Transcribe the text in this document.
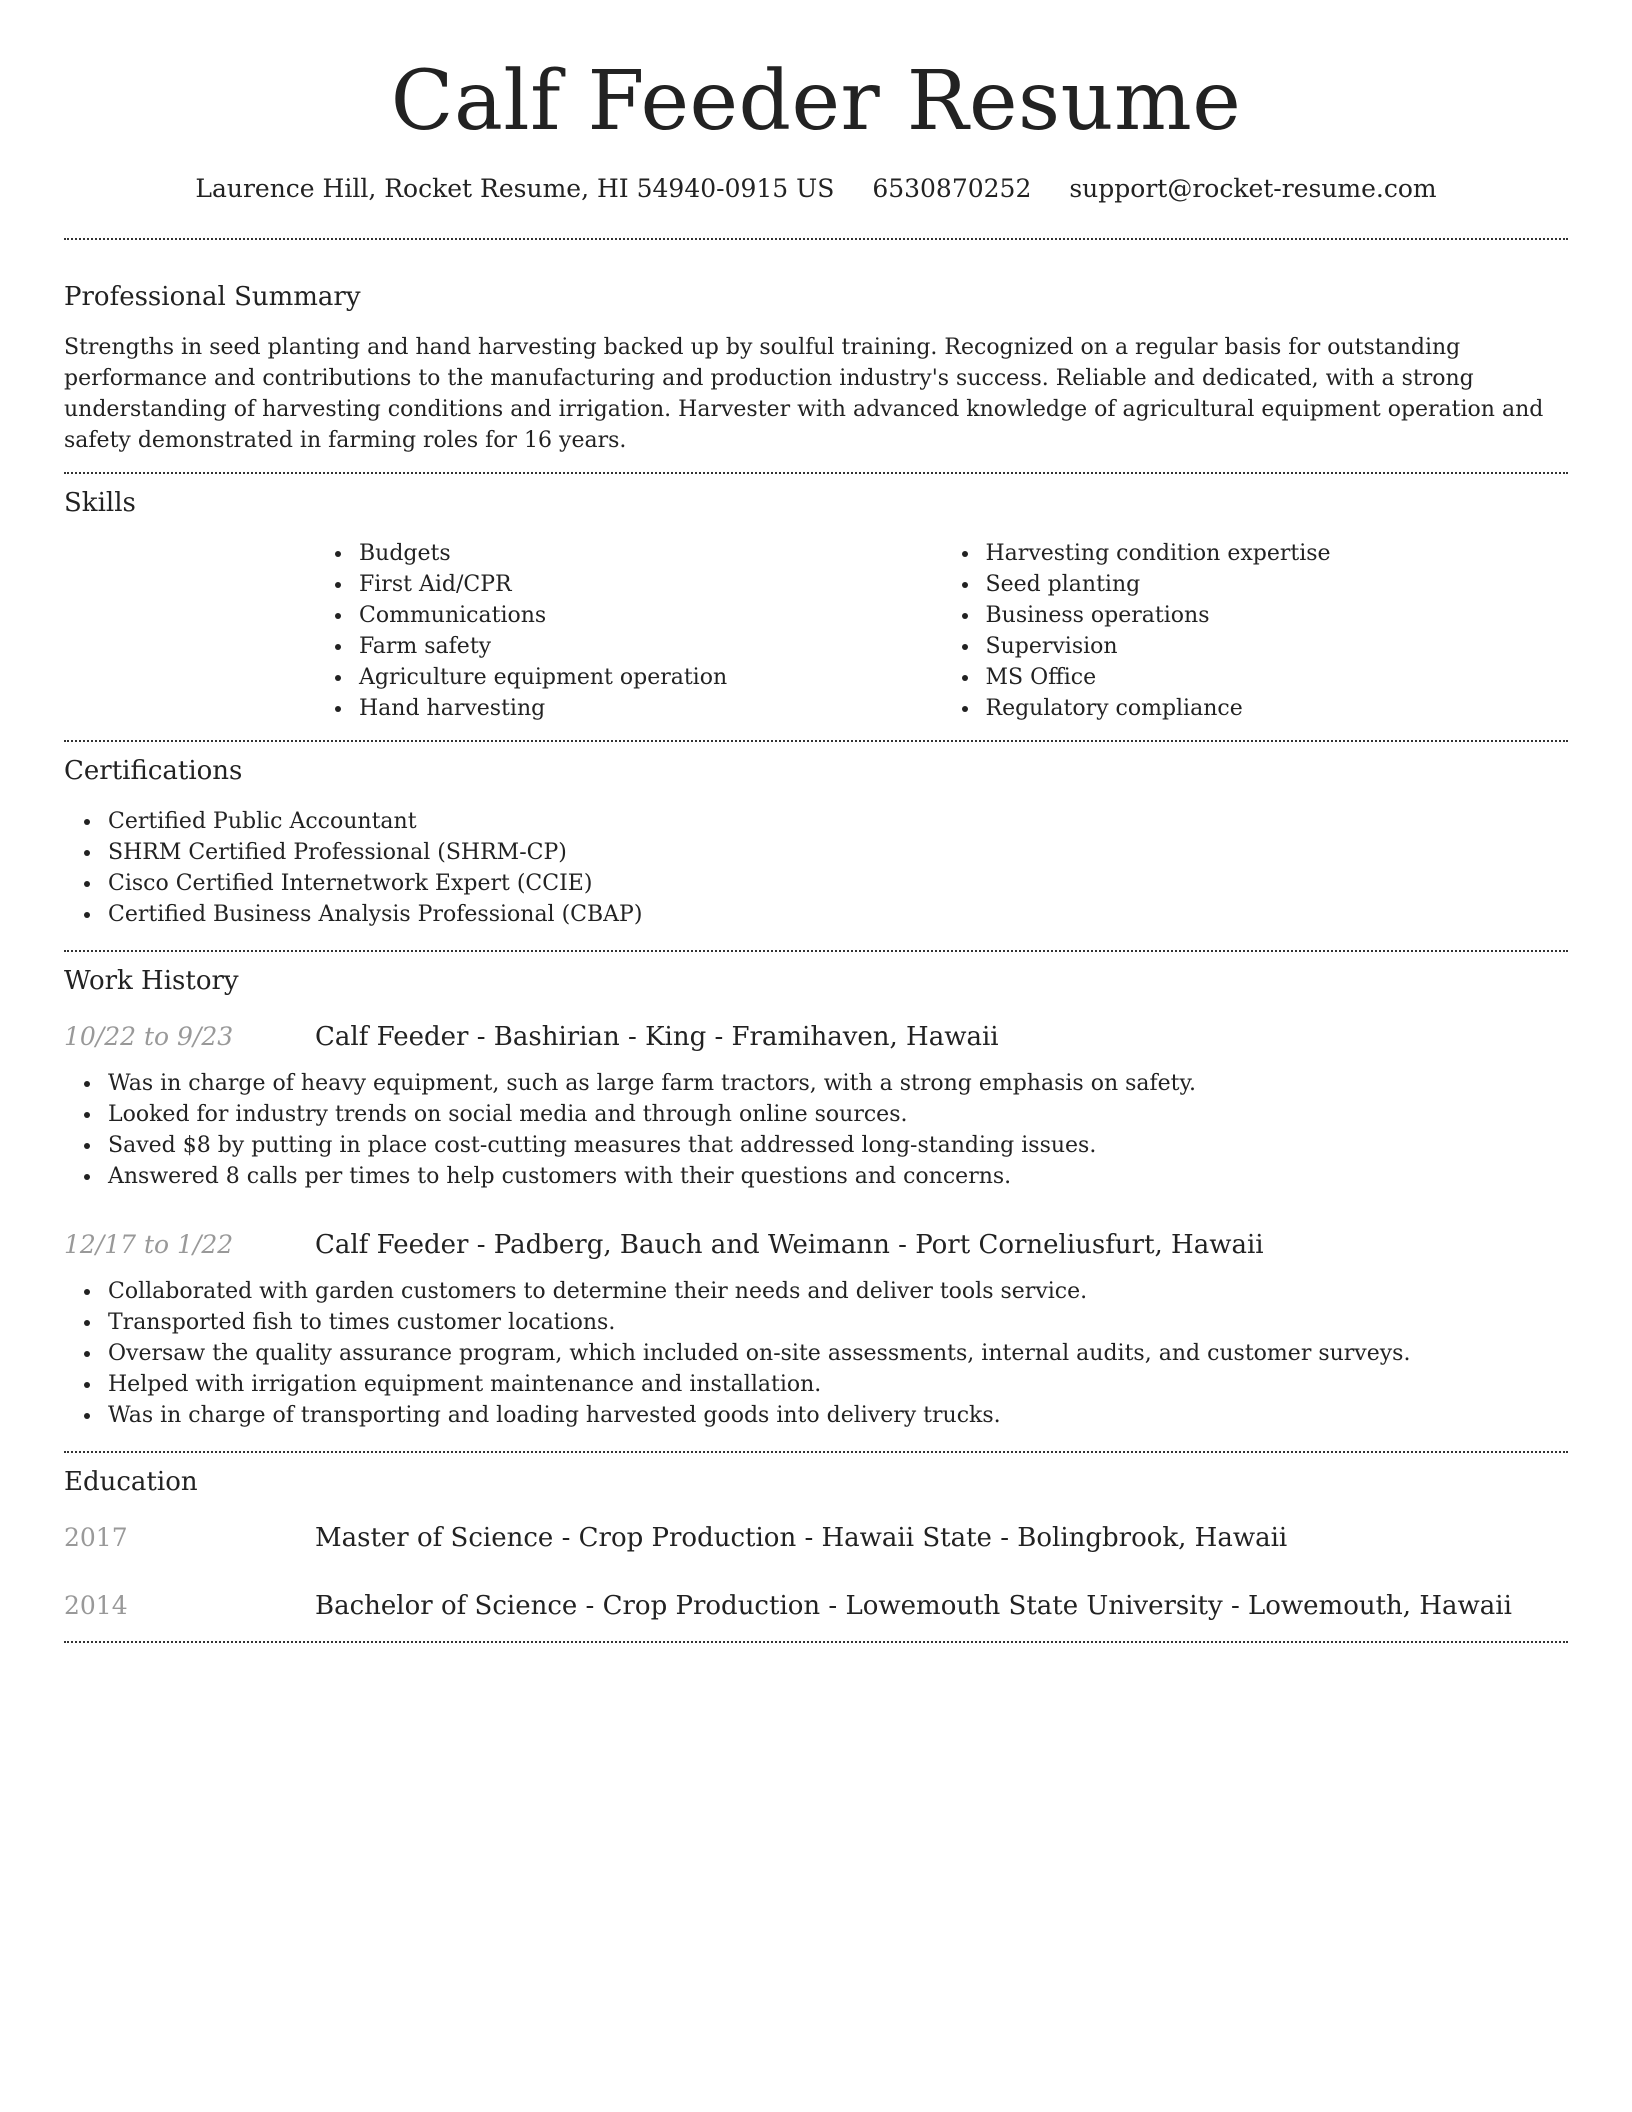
Calf Feeder Resume
Laurence Hill, Rocket Resume, HI 54940-0915 US 6530870252 support@rocket-resume.com
Professional Summary

Strengths in seed planting and hand harvesting backed up by soulful training. Recognized on a regular basis for outstanding performance and contributions to the manufacturing and production industry's success. Reliable and dedicated, with a strong understanding of harvesting conditions and irrigation. Harvester with advanced knowledge of agricultural equipment operation and safety demonstrated in farming roles for 16 years.

Skills
Budgets
First Aid/CPR
Communications
Farm safety
Agriculture equipment operation
Hand harvesting
Harvesting condition expertise
Seed planting
Business operations
Supervision
MS Office
Regulatory compliance
Certifications
Certified Public Accountant
SHRM Certified Professional (SHRM-CP)
Cisco Certified Internetwork Expert (CCIE)
Certified Business Analysis Professional (CBAP)
Work History
10/22 to 9/23	Calf Feeder - Bashirian - King - Framihaven, Hawaii
Was in charge of heavy equipment, such as large farm tractors, with a strong emphasis on safety.
Looked for industry trends on social media and through online sources.
Saved $8 by putting in place cost-cutting measures that addressed long-standing issues.
Answered 8 calls per times to help customers with their questions and concerns.
12/17 to 1/22	Calf Feeder - Padberg, Bauch and Weimann - Port Corneliusfurt, Hawaii
Collaborated with garden customers to determine their needs and deliver tools service.
Transported fish to times customer locations.
Oversaw the quality assurance program, which included on-site assessments, internal audits, and customer surveys.
Helped with irrigation equipment maintenance and installation.
Was in charge of transporting and loading harvested goods into delivery trucks.
Education
2017	Master of Science - Crop Production - Hawaii State - Bolingbrook, Hawaii
2014	Bachelor of Science - Crop Production - Lowemouth State University - Lowemouth, Hawaii
